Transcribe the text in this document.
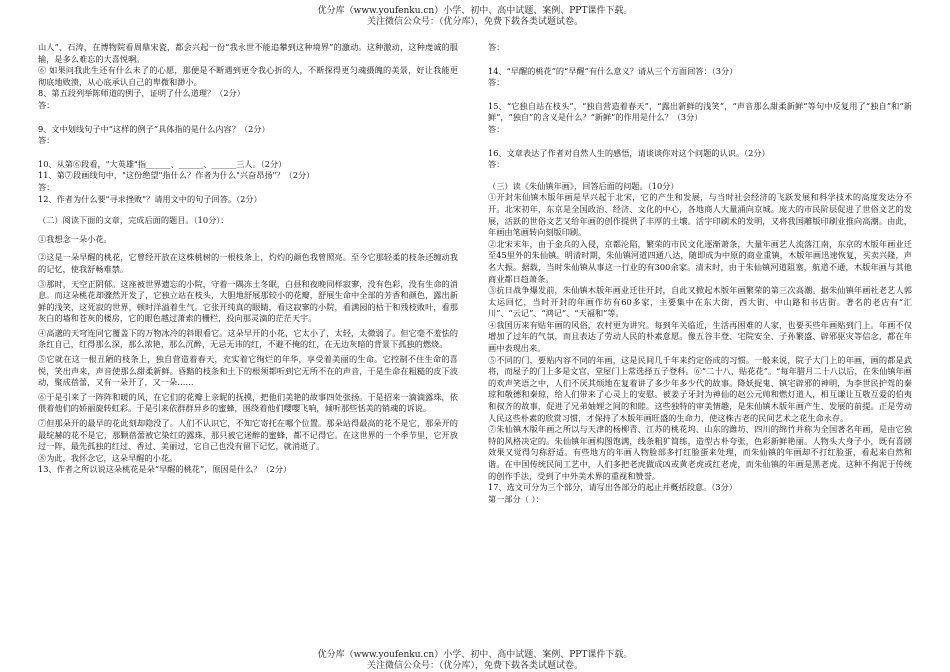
优分库（www.youfenku.cn）小学、初中、高中试题、案例、PPT课件下载。
关注微信公众号：（优分库），免费下载各类试题试卷。

山人”、石涛，在博物院看周鼎宋瓷，都会兴起一份“我永世不能追攀到这种境界”的激动。这种激动，这种虔诚的服输，是多么难忘的大喜悦啊。

⑥ 如果问我此生还有什么未了的心愿，那便是不断遇到更令我心折的人，不断探得更匀魂摄魄的美景，好让我能更彻底地败溃，从心底承认自己的卑微和渺小。

8、第五段列举陈师道的例子，证明了什么道理？（2分）

答：

9、文中划线句子中“这样的例子”具体指的是什么内容？（2分）

答：

10、从第⑥段看，"大英雄"指______、______、______三人。（2分）

11、第⑦段画线句中，"这份绝望"指什么？作者为什么"兴奋昂扬"？（2分）

答：

12、作者为什么要"寻求挫败"？请用文中的句子回答。（2分）

（二）阅读下面的文章，完成后面的题目。（10分）：

①我想念一朵小花。

②这是一朵早醒的桃花，它曾经开放在这株桃树的一根枝条上，灼灼的颜色我曾照亮。至今它那轻柔的枝条还缠动我的记忆，使我舒畅难禁。

③那时，天空正阴郁。这座被世界遗忘的小院，守着一隅冻土冬眠，白昼和夜晚同样寂寥，没有色彩，没有生命的消息。而这朵桃花却骤然开发了，它独立站在枝头，大胆地舒展那较小的花瓣，舒展生命中全部的芳香和颜色，露出新鲜的浅笑，这死寂的世界，顿时洋溢着生气。它张开纯真的眼睛，看这寂寥的小院，看满园的枯干和残枝败叶，看那灰白的墙和苍灰的楼房，它的眼色越过萧索的栅栏，投向那灵滴的茫茫天宇。

④高邈的天穹连同它覆盖下的万物冰冷的斜眼看它。这朵早开的小花，它太小了，太轻，太微弱了。但它毫不羞怯的条红自己，红得那么深，那么浓艳，那么沉醉，无忌无讳的红，不避不掩的红，在无边灰暗的背景下孤独的燃烧。

⑤它就在这一根丑陋的枝条上，独自营造着春天，充实着它绚烂的年华，享受着美丽的生命。它控制不住生命的喜悦，笑出声来，声音使那么甜柔新鲜。昏黯的枝条和土下的根须都听到它无所不在的声音，于是生命在粗糙的皮下波动，聚成蓓蕾，又有一朵开了，又一朵……

⑥于是引来了一阵阵和暖的风，在它们的花瓣上亲昵的抚摸，把他们美艳的故事四处张扬。于是招来一滴滴露珠，依偎着他们的娇丽旋转虹彩。于是引来依群群异乡的蜜蜂，围绕着他们嘤嘤飞响，倾听那些恬美的销魂的诉说。

⑦但那朵开的最早的花此刻却隐没了。人们不认识它，不知它寄托在哪个位置。那朵站得最高的花不是它，那朵开的最绽赫的花不是它，那颗蓓蕾被它染红的露珠，那只被它迷醉的蜜蜂，都不记得它。在这世界的一个季节里，它开放过一阵，最先孤独的红过、香过、美丽过，它自己也没有留下记忆，就消逝了。

⑧为此，我怀念它，这朵早醒的小花。

13、作者之所以说这朵桃花是朵“早醒的桃花”，原因是什么？（2分）

答：

14、“早醒的桃花”的“早醒”有什么意义？请从三个方面回答：（3分）

答：

15、“它独自站在枝头”，“独自营造着春天”，“露出新鲜的浅笑”，“声音那么甜柔新鲜”等句中反复用了“独自”和“新鲜”，“独自”的含义是什么？“新鲜”的作用是什么？（3分）

答：

16、文章表达了作者对自然人生的感悟，请谈谈你对这个问题的认识。（2分）

答：

（三）读《朱仙镇年画》，回答后面的问题。（10分）

①开封朱仙镇木版年画是早兴起于北宋，它的产生和发展，与当时社会经济的飞跃发展和科学技术的高度发达分不开。北宋初年，东京是全国政治、经济、文化的中心，各地商人大量涌向京城。庞大的市民阶层促进了世俗文艺的发展，活跃的世俗文艺又给年画的创作提供了丰厚的土壤。活字印刷术的发明，又将我国雕版印刷业推向高潮。由此，年画由笔画转向刻版印刷。

②北宋末年，由于金兵的入侵，京都沦陷，繁荣的市民文化逐渐萧条，大量年画艺人流落江南，东京的木版年画业迁至45里外的朱仙镇。明清时期，朱仙镇河道四通八达，随即成为中原的商业重镇，木版年画迅速恢复，买卖兴隆，声名大振。据载，当时朱仙镇从事这一行业的有300余家。清末时，由于朱仙镇河道阻塞，航道不通，木版年画与其他商业都日趋萧条。

③抗日战争爆发前，朱仙镇木版年画业迁往开封，自此又掀起木版年画繁荣的第三次高潮。据朱仙镇年画社老艺人郭太运回忆，当时开封的年画作坊有60多家，主要集中在东大街，西大街、中山路和书店街。著名的老店有“汇川”、“云记”、“鸿记”、“天福和”等。

④我国历来有贴年画的风俗，农村更为讲究。每到年关临近，生活再困难的人家，也要买些年画贴到门上。年画不仅增加了过年的气氛，而且表达了劳动人民的朴素意愿。像五谷丰登、宅院安全、子孙繁盛、辟邪驱灾等信念，都在年画中表现出来。

⑤不同的门，要贴内容不同的年画，这是民间几千年来约定俗成的习惯。一般来说，院子大门上的年画，画的都是武将，而屋子的门上多是文官，堂屋门上常选择五子登科。⑥“二十八，贴花花”。“每年腊月二十八以后，在朱仙镇年画的欢声笑语之中，人们不厌其烦地在复着讲了多少年多少代的故事。降妖捉鬼、镇宅辟邪的神明，为李世民护驾的秦琼和敬德和秦琼，给人们带来了心灵上的安慰。被姜子牙封为神仙的赵公元帅和燃灯道人，相互谦让互敬互爱的伯夷和叔齐的故事，促进了兄弟妯娌之间的和睦。这些独特的审美情趣，是朱仙镇木版年画产生、发展的前提。正是劳动人民这些朴素的欣赏习惯，才保持了木版年画旺盛的生命力，使这株古老的民间艺术之花生命永存。

⑦朱仙镇木版年画之所以与天津的杨柳青、江苏的桃花坞、山东的潍坊、四川的绵竹并称为全国著名年画，是由它独特的风格决定的。朱仙镇年画构图饱满，线条粗犷简练，造型古朴夸张，色彩新鲜艳丽。人物头大身子小，既有喜剧效果又觉得匀称舒适。有些地方的年画人物脸部多打红脸蛋来处理，而朱仙镇的年画却不打红脸蛋，看起来自然和谐。在中国传统民间工艺中，人们多把老虎做成凶或黄老虎或红老虎，而朱仙镇的年画是黑老虎。这种不拘泥于传统的创作手法，受到了中外美术界的重视和赞誉。

17、选文可分为三个部分，请写出各部分的起止并概括段意。（3分）

第一部分（ ）：

优分库（www.youfenku.cn）小学、初中、高中试题、案例、PPT课件下载。
关注微信公众号：（优分库），免费下载各类试题试卷。
